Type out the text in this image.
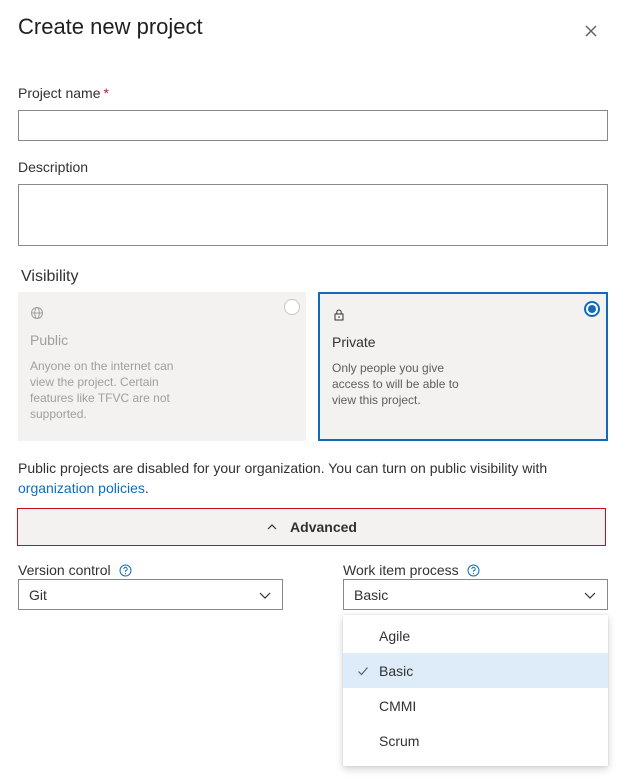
Create new project
Project name *
Description
Visibility
Public
Anyone on the internet can view the project. Certain features like TFVC are not supported.
Private
Only people you give access to will be able to view this project.
Public projects are disabled for your organization. You can turn on public visibility with
organization policies.
Advanced
Version control
Git
Work item process
Basic
Agile
Basic
CMMI
Scrum
